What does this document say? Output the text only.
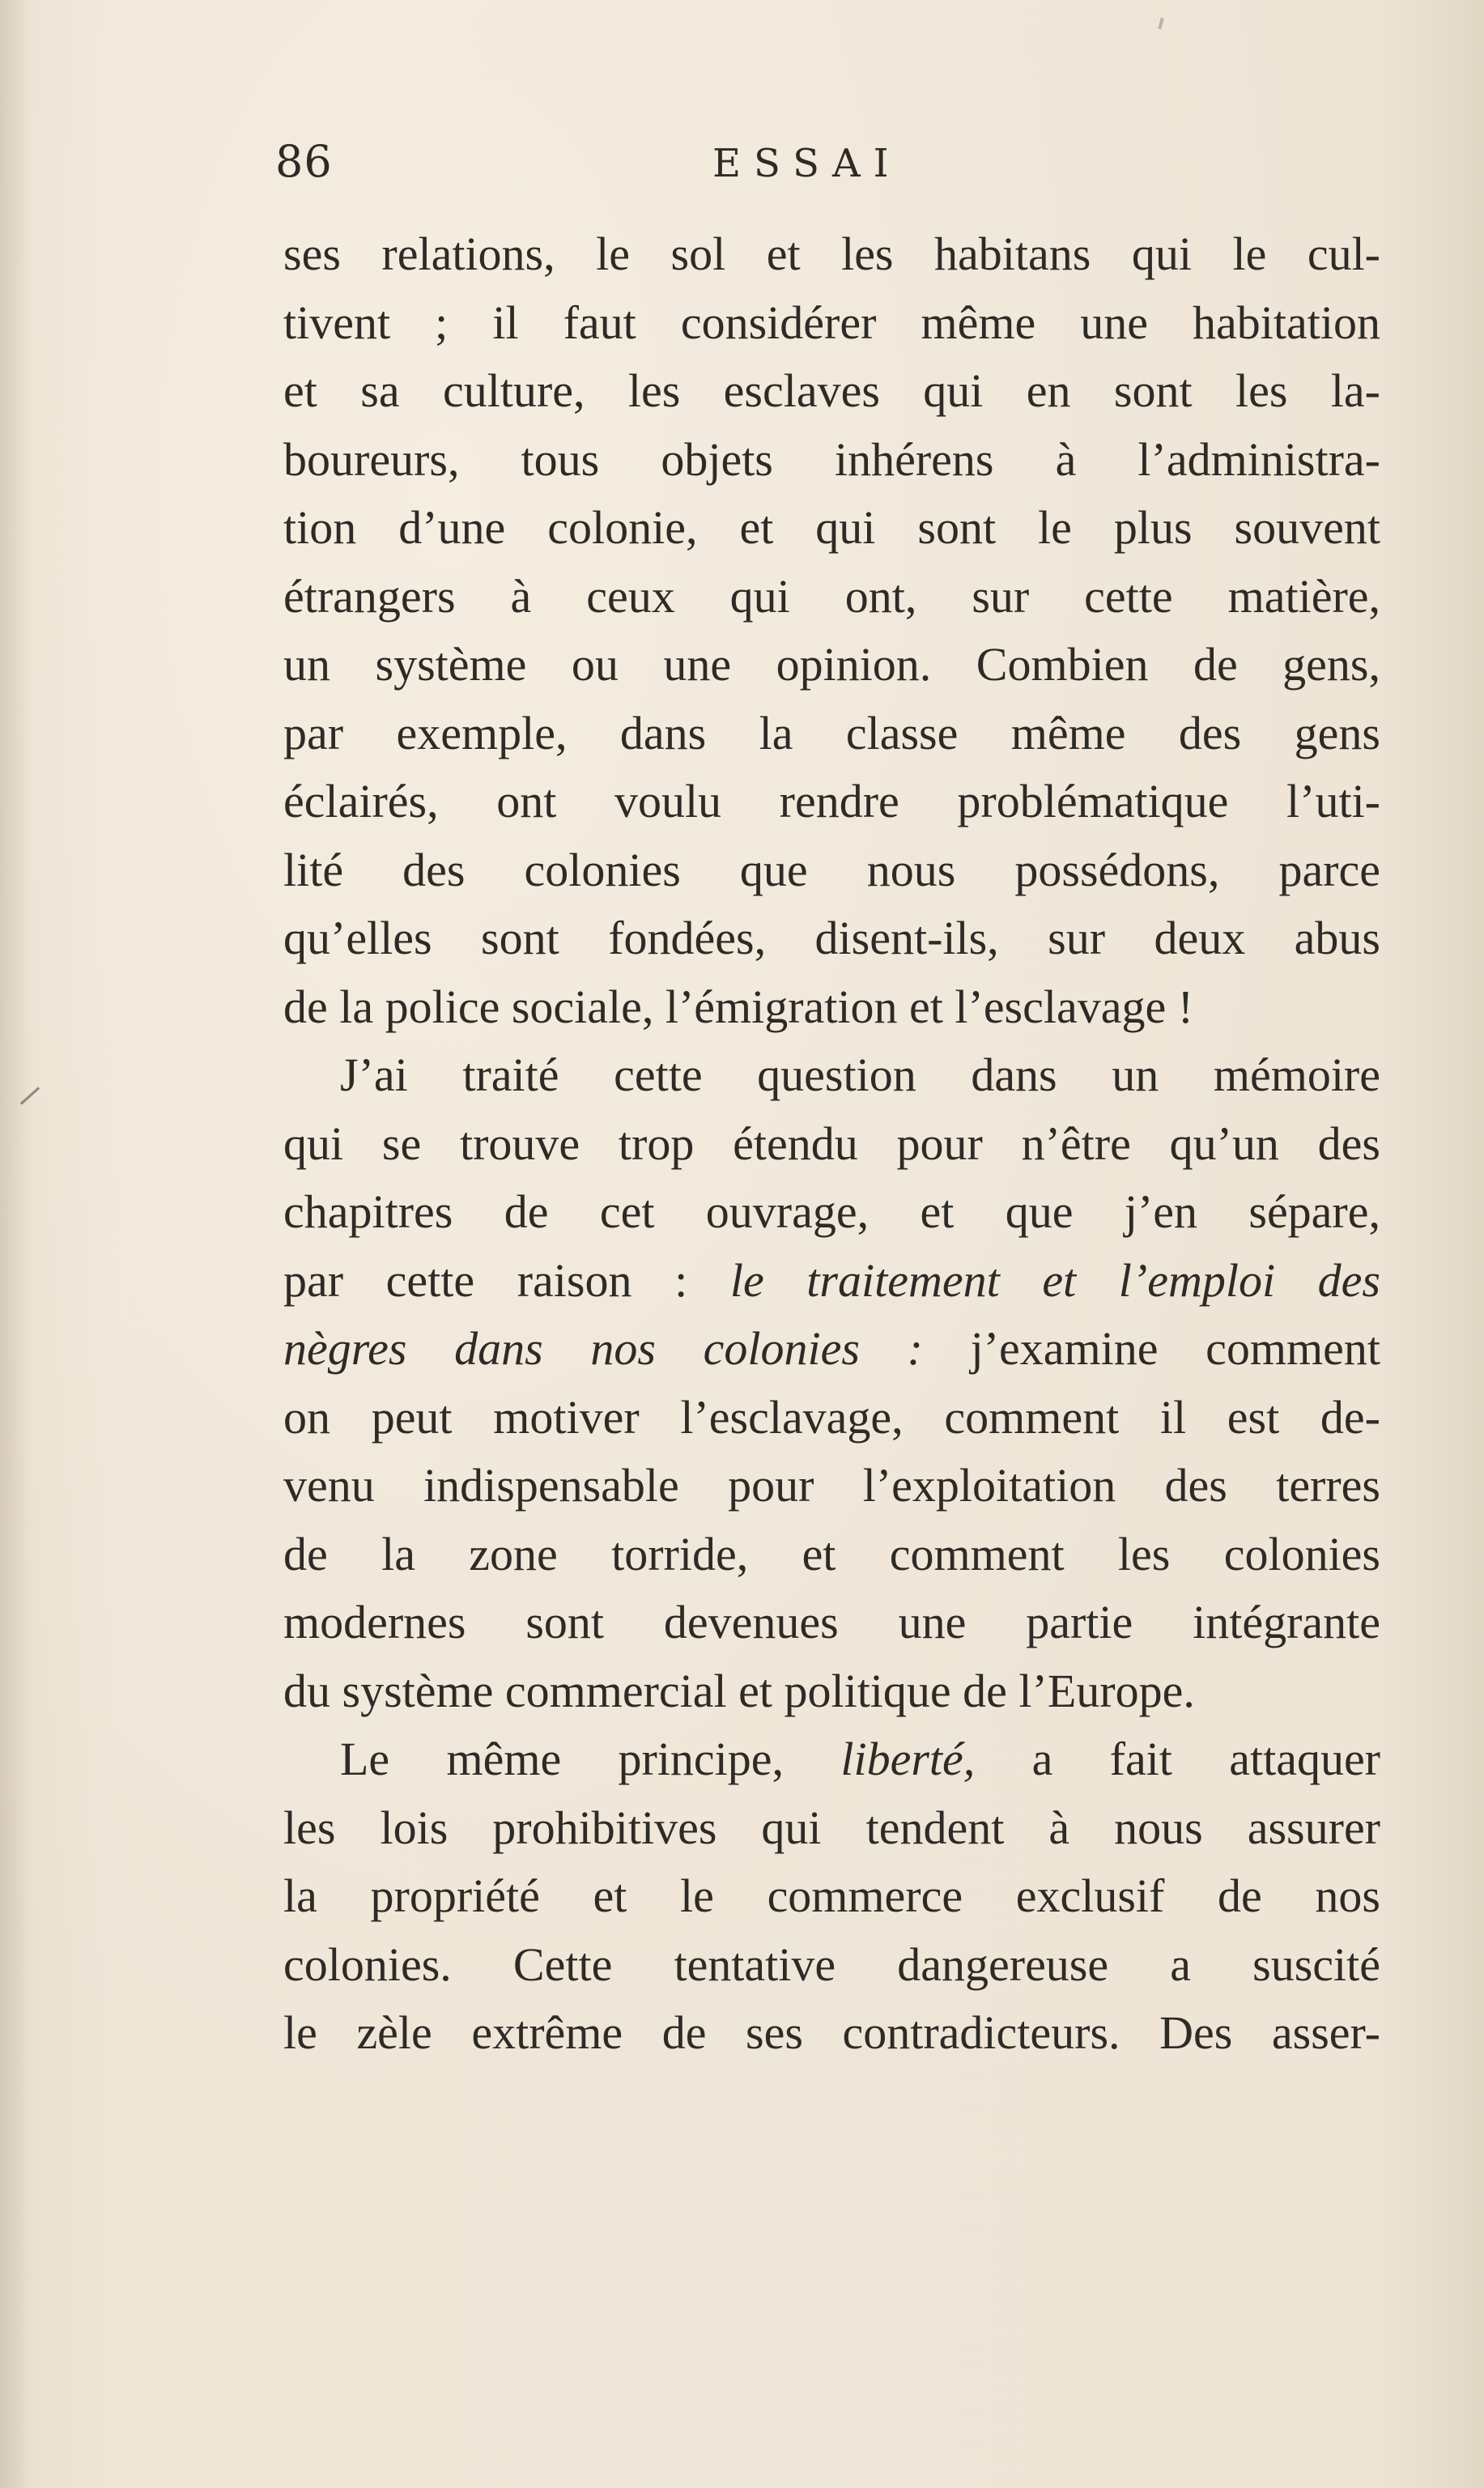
86	ESSAI
ses relations, le sol et les habitans qui le cul-
tivent ; il faut considérer même une habitation
et sa culture, les esclaves qui en sont les la-
boureurs, tous objets inhérens à l’administra-
tion d’une colonie, et qui sont le plus souvent
étrangers à ceux qui ont, sur cette matière,
un système ou une opinion. Combien de gens,
par exemple, dans la classe même des gens
éclairés, ont voulu rendre problématique l’uti-
lité des colonies que nous possédons, parce
qu’elles sont fondées, disent-ils, sur deux abus
de la police sociale, l’émigration et l’esclavage !
J’ai traité cette question dans un mémoire
qui se trouve trop étendu pour n’être qu’un des
chapitres de cet ouvrage, et que j’en sépare,
par cette raison : le traitement et l’emploi des
nègres dans nos colonies : j’examine comment
on peut motiver l’esclavage, comment il est de-
venu indispensable pour l’exploitation des terres
de la zone torride, et comment les colonies
modernes sont devenues une partie intégrante
du système commercial et politique de l’Europe.
Le même principe, liberté, a fait attaquer
les lois prohibitives qui tendent à nous assurer
la propriété et le commerce exclusif de nos
colonies. Cette tentative dangereuse a suscité
le zèle extrême de ses contradicteurs. Des asser-
